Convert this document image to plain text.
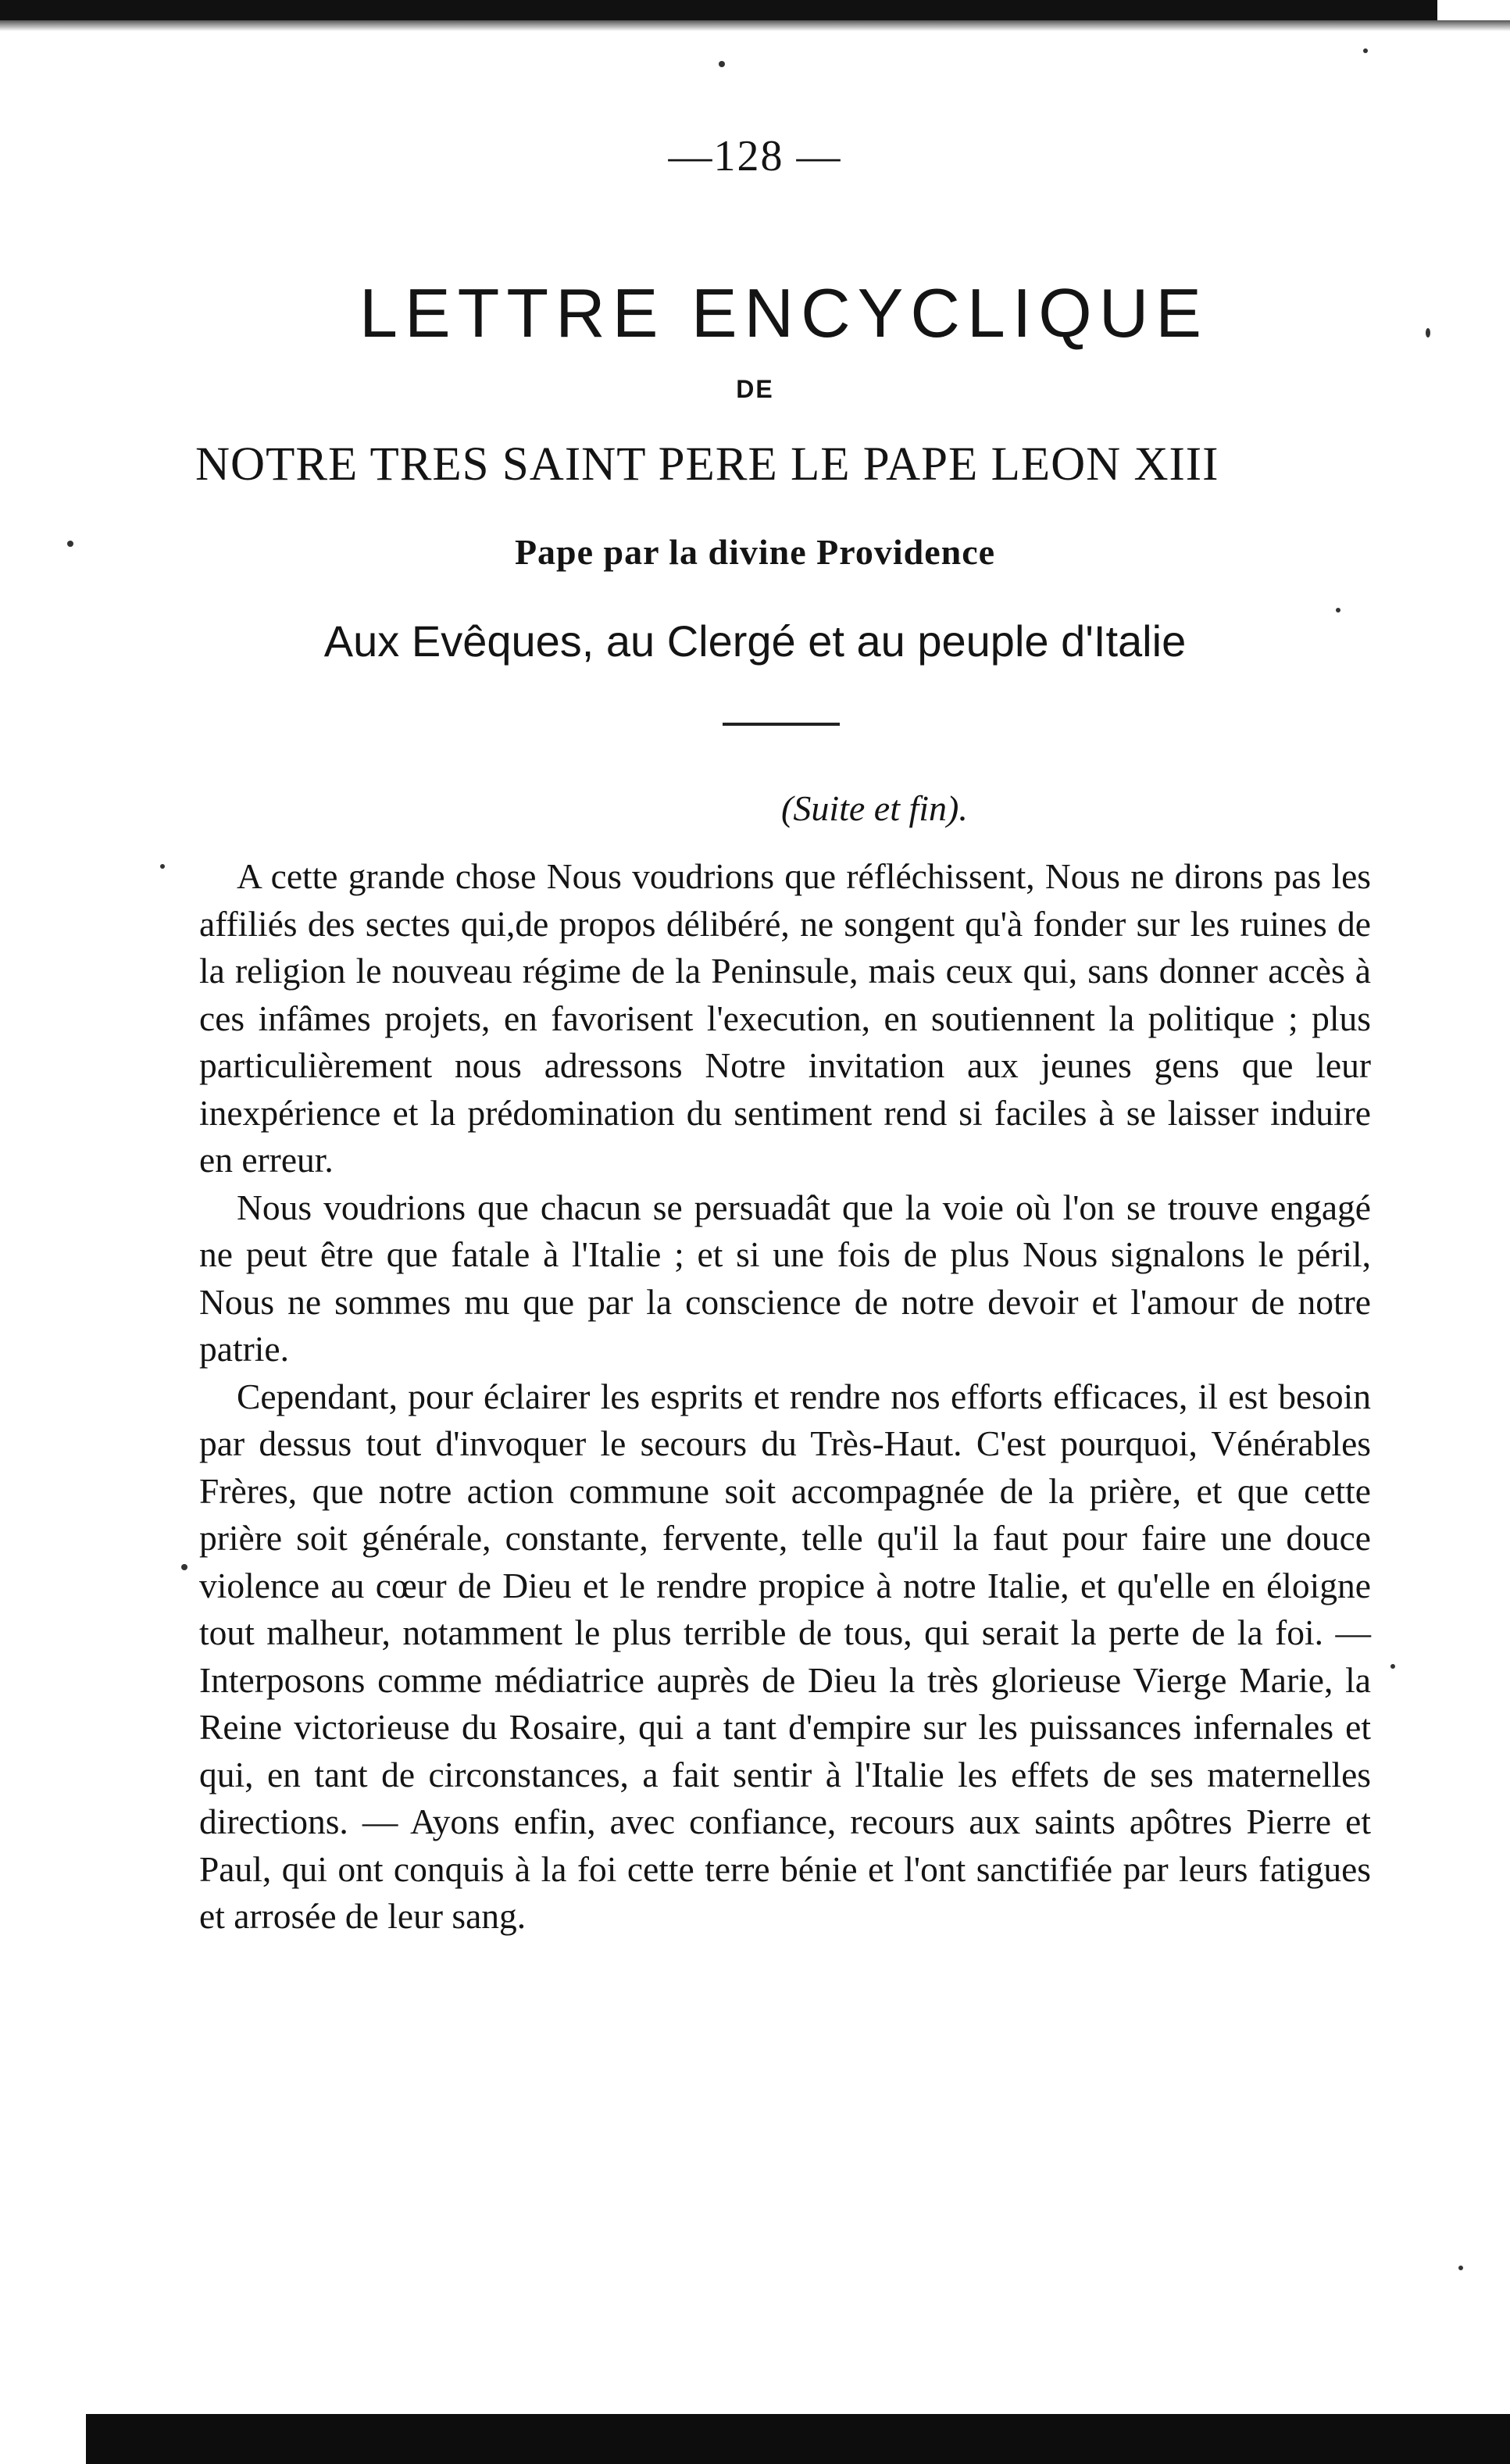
—128 —
LETTRE ENCYCLIQUE
DE
NOTRE TRES SAINT PERE LE PAPE LEON XIII
Pape par la divine Providence
Aux Evêques, au Clergé et au peuple d'Italie
(Suite et fin).

A cette grande chose Nous voudrions que réfléchissent, Nous ne dirons pas les affiliés des sectes qui,de propos délibéré, ne songent qu'à fonder sur les ruines de la religion le nouveau régime de la Peninsule, mais ceux qui, sans donner accès à ces infâmes projets, en favorisent l'execution, en soutiennent la politique ; plus particulièrement nous adressons Notre invitation aux jeunes gens que leur inexpérience et la prédomination du sentiment rend si faciles à se laisser induire en erreur.

Nous voudrions que chacun se persuadât que la voie où l'on se trouve engagé ne peut être que fatale à l'Italie ; et si une fois de plus Nous signalons le péril, Nous ne sommes mu que par la conscience de notre devoir et l'amour de notre patrie.

Cependant, pour éclairer les esprits et rendre nos efforts efficaces, il est besoin par dessus tout d'invoquer le secours du Très-Haut. C'est pourquoi, Vénérables Frères, que notre action commune soit accompagnée de la prière, et que cette prière soit générale, constante, fervente, telle qu'il la faut pour faire une douce violence au cœur de Dieu et le rendre propice à notre Italie, et qu'elle en éloigne tout malheur, notamment le plus terrible de tous, qui serait la perte de la foi. — Interposons comme médiatrice auprès de Dieu la très glorieuse Vierge Marie, la Reine victorieuse du Rosaire, qui a tant d'empire sur les puissances infernales et qui, en tant de circonstances, a fait sentir à l'Italie les effets de ses maternelles directions. — Ayons enfin, avec confiance, recours aux saints apôtres Pierre et Paul, qui ont conquis à la foi cette terre bénie et l'ont sanctifiée par leurs fatigues et arrosée de leur sang.
